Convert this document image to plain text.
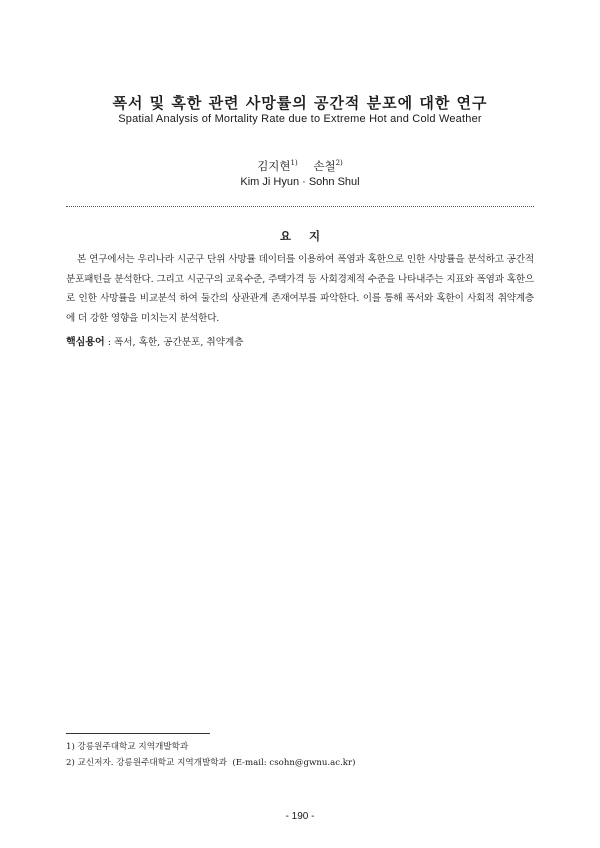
폭서 및 혹한 관련 사망률의 공간적 분포에 대한 연구
Spatial Analysis of Mortality Rate due to Extreme Hot and Cold Weather
김지현$^{1)}$ 손철$^{2)}$
Kim Ji Hyun · Sohn Shul
요 지

본 연구에서는 우리나라 시군구 단위 사망률 데이터를 이용하여 폭염과 혹한으로 인한 사망률을 분석하고 공간적 분포패턴을 분석한다. 그리고 시군구의 교육수준, 주택가격 등 사회경제적 수준을 나타내주는 지표와 폭염과 혹한으로 인한 사망률을 비교분석 하여 둘간의 상관관계 존재여부를 파악한다. 이를 통해 폭서와 혹한이 사회적 취약계층에 더 강한 영향을 미치는지 분석한다.

핵심용어 : 폭서, 혹한, 공간분포, 취약계층
1) 강릉원주대학교 지역개발학과
2) 교신저자. 강릉원주대학교 지역개발학과  (E-mail: csohn@gwnu.ac.kr)
- 190 -
